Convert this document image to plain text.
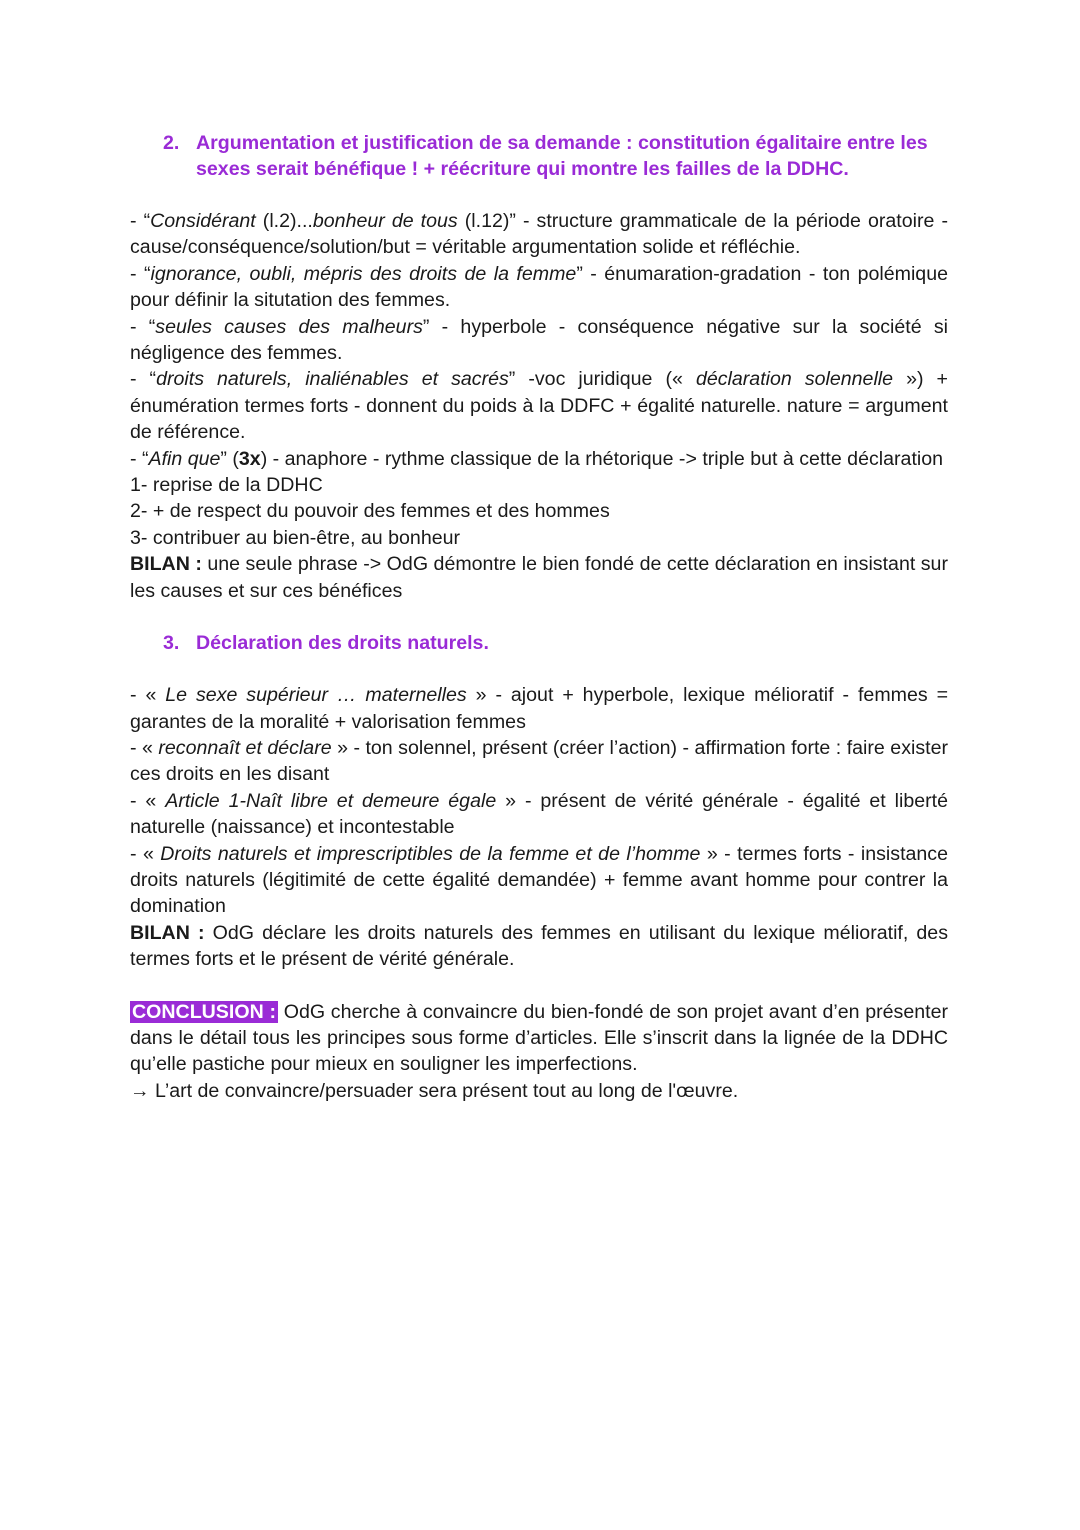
2. Argumentation et justification de sa demande : constitution égalitaire entre les sexes serait bénéfique ! + réécriture qui montre les failles de la DDHC.

- “Considérant (l.2)...bonheur de tous (l.12)” - structure grammaticale de la période oratoire - cause/conséquence/solution/but = véritable argumentation solide et réfléchie.

- “ignorance, oubli, mépris des droits de la femme” - énumaration-gradation - ton polémique pour définir la situtation des femmes.

- “seules causes des malheurs” - hyperbole - conséquence négative sur la société si négligence des femmes.

- “droits naturels, inaliénables et sacrés” -voc juridique (« déclaration solennelle ») + énumération termes forts - donnent du poids à la DDFC + égalité naturelle. nature = argument de référence.

- “Afin que” (3x) - anaphore - rythme classique de la rhétorique -> triple but à cette déclaration

1- reprise de la DDHC

2- + de respect du pouvoir des femmes et des hommes

3- contribuer au bien-être, au bonheur

BILAN : une seule phrase -> OdG démontre le bien fondé de cette déclaration en insistant sur les causes et sur ces bénéfices

3. Déclaration des droits naturels.

- « Le sexe supérieur … maternelles » - ajout + hyperbole, lexique mélioratif - femmes = garantes de la moralité + valorisation femmes

- « reconnaît et déclare » - ton solennel, présent (créer l’action) - affirmation forte : faire exister ces droits en les disant

- « Article 1-Naît libre et demeure égale » - présent de vérité générale - égalité et liberté naturelle (naissance) et incontestable

- « Droits naturels et imprescriptibles de la femme et de l’homme » - termes forts - insistance droits naturels (légitimité de cette égalité demandée) + femme avant homme pour contrer la domination

BILAN : OdG déclare les droits naturels des femmes en utilisant du lexique mélioratif, des termes forts et le présent de vérité générale.

CONCLUSION : OdG cherche à convaincre du bien-fondé de son projet avant d’en présenter dans le détail tous les principes sous forme d’articles. Elle s’inscrit dans la lignée de la DDHC qu’elle pastiche pour mieux en souligner les imperfections.

→ L’art de convaincre/persuader sera présent tout au long de l'œuvre.
